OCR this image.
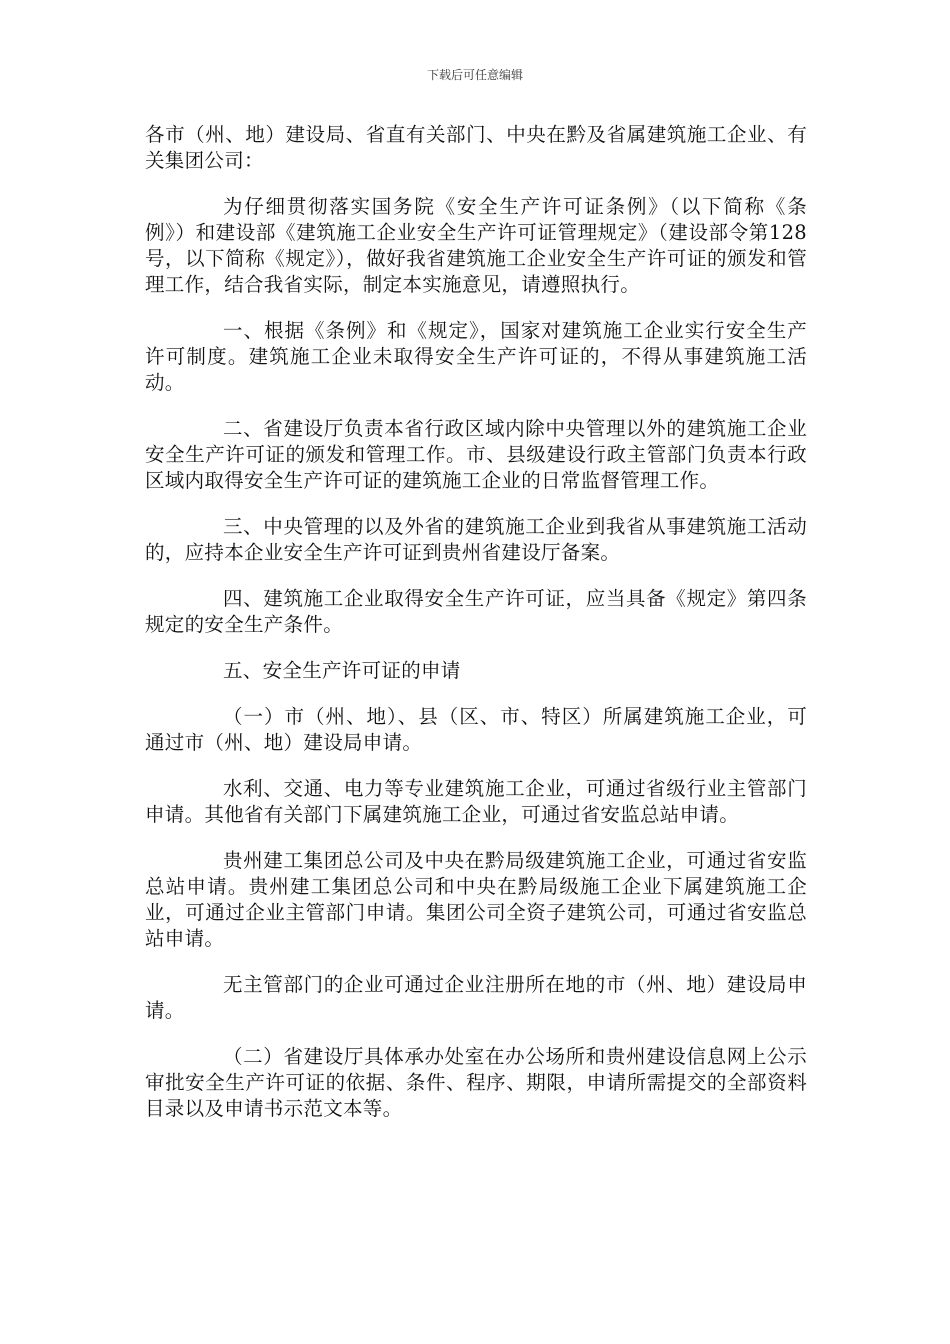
下载后可任意编辑

各市（州、地）建设局、省直有关部门、中央在黔及省属建筑施工企业、有关集团公司：

为仔细贯彻落实国务院《安全生产许可证条例》（以下简称《条例》）和建设部《建筑施工企业安全生产许可证管理规定》（建设部令第128号，以下简称《规定》），做好我省建筑施工企业安全生产许可证的颁发和管理工作，结合我省实际，制定本实施意见，请遵照执行。

一、根据《条例》和《规定》，国家对建筑施工企业实行安全生产许可制度。建筑施工企业未取得安全生产许可证的，不得从事建筑施工活动。

二、省建设厅负责本省行政区域内除中央管理以外的建筑施工企业安全生产许可证的颁发和管理工作。市、县级建设行政主管部门负责本行政区域内取得安全生产许可证的建筑施工企业的日常监督管理工作。

三、中央管理的以及外省的建筑施工企业到我省从事建筑施工活动的，应持本企业安全生产许可证到贵州省建设厅备案。

四、建筑施工企业取得安全生产许可证，应当具备《规定》第四条规定的安全生产条件。

五、安全生产许可证的申请

（一）市（州、地）、县（区、市、特区）所属建筑施工企业，可通过市（州、地）建设局申请。

水利、交通、电力等专业建筑施工企业，可通过省级行业主管部门申请。其他省有关部门下属建筑施工企业，可通过省安监总站申请。

贵州建工集团总公司及中央在黔局级建筑施工企业，可通过省安监总站申请。贵州建工集团总公司和中央在黔局级施工企业下属建筑施工企业，可通过企业主管部门申请。集团公司全资子建筑公司，可通过省安监总站申请。

无主管部门的企业可通过企业注册所在地的市（州、地）建设局申请。

（二）省建设厅具体承办处室在办公场所和贵州建设信息网上公示审批安全生产许可证的依据、条件、程序、期限，申请所需提交的全部资料目录以及申请书示范文本等。
